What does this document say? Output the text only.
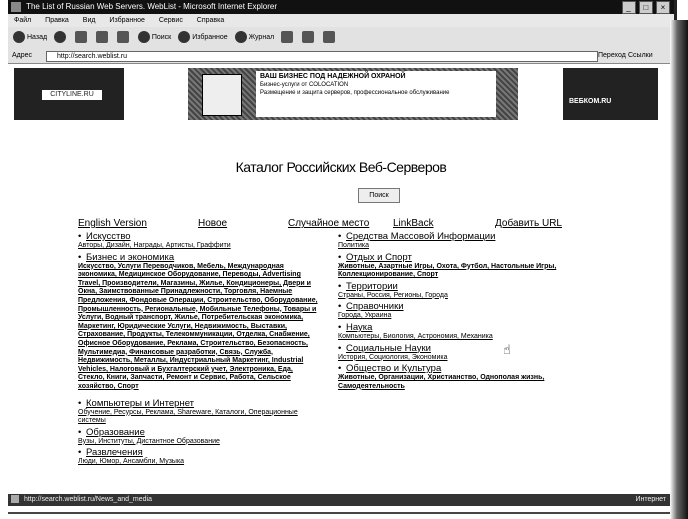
The List of Russian Web Servers. WebList - Microsoft Internet Explorer	_ □ ×
Файл Правка Вид Избранное Сервис Справка
Назад	Поиск	Избранное	Журнал
Адрес	http://search.weblist.ru	Переход Ссылки
CITYLINE.RU
ВАШ БИЗНЕС ПОД НАДЕЖНОЙ ОХРАНОЙ
Бизнес-услуги от COLOCATION
Размещение и защита серверов, профессиональное обслуживание
ВЕБКОМ.RU
Каталог Российских Веб-Серверов
Поиск
English Version	Новое	Случайное место LinkBack	Добавить URL
• Искусство
Авторы, Дизайн, Награды, Артисты, Граффити
• Бизнес и экономика
Искусство, Услуги Переводчиков, Мебель, Международная экономика, Медицинское Оборудование, Переводы, Advertising Travel, Производители, Магазины, Жилье, Кондиционеры, Двери и Окна, Заимствованные Принадлежности, Торговля, Наемные Предложения, Фондовые Операции, Строительство, Оборудование, Промышленность, Региональные, Мобильные Телефоны, Товары и Услуги, Водный транспорт, Жилье, Потребительская экономика, Маркетинг, Юридические Услуги, Недвижимость, Выставки, Страхование, Продукты, Телекоммуникации, Отделка, Снабжение, Офисное Оборудование, Реклама, Строительство, Безопасность, Мультимедиа, Финансовые разработки, Связь, Служба, Недвижимость, Металлы, Индустриальный Маркетинг, Industrial Vehicles, Налоговый и Бухгалтерский учет, Электроника, Еда, Стекло, Книги, Запчасти, Ремонт и Сервис, Работа, Сельское хозяйство, Спорт
• Компьютеры и Интернет
Обучение, Ресурсы, Реклама, Shareware, Каталоги, Операционные системы
• Образование
Вузы, Институты, Дистантное Образование
• Развлечения
Люди, Юмор, Ансамбли, Музыка
• Средства Массовой Информации
Политика
• Отдых и Спорт
Животные, Азартные Игры, Охота, Футбол, Настольные Игры, Коллекционирование, Спорт
• Территории
Страны, Россия, Регионы, Города
• Справочники
Города, Украина
• Наука
Компьютеры, Биология, Астрономия, Механика
• Социальные Науки
История, Социология, Экономика
• Общество и Культура
Животные, Организации, Христианство, Однополая жизнь, Самодеятельность
☝
http://search.weblist.ru/News_and_media	Интернет
